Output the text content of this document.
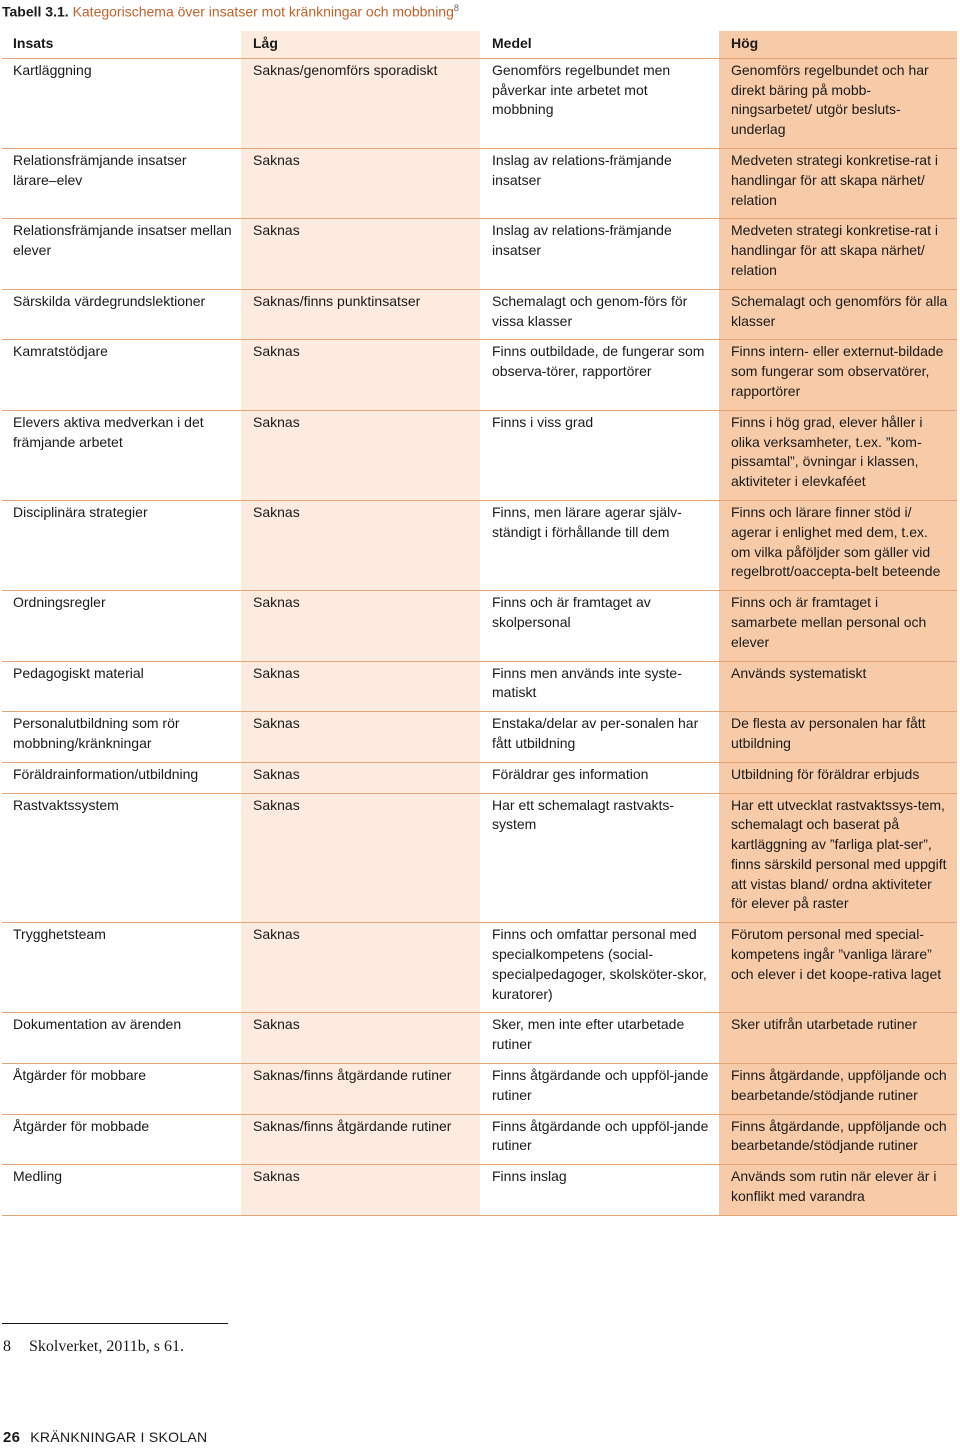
Tabell 3.1. Kategorischema över insatser mot kränkningar och mobbning$^8$
Insats	Låg	Medel	Hög
Kartläggning	Saknas/genomförs sporadiskt	Genomförs regelbundet men påverkar inte arbetet mot mobbning	Genomförs regelbundet och har direkt bäring på mobb-ningsarbetet/ utgör besluts-underlag
Relationsfrämjande insatser lärare–elev	Saknas	Inslag av relations-främjande insatser	Medveten strategi konkretise-rat i handlingar för att skapa närhet/ relation
Relationsfrämjande insatser mellan elever	Saknas	Inslag av relations-främjande insatser	Medveten strategi konkretise-rat i handlingar för att skapa närhet/ relation
Särskilda värdegrundslektioner	Saknas/finns punktinsatser	Schemalagt och genom-förs för vissa klasser	Schemalagt och genomförs för alla klasser
Kamratstödjare	Saknas	Finns outbildade, de fungerar som observa-törer, rapportörer	Finns intern- eller externut-bildade som fungerar som observatörer, rapportörer
Elevers aktiva medverkan i det främjande arbetet	Saknas	Finns i viss grad	Finns i hög grad, elever håller i olika verksamheter, t.ex. ”kom-pissamtal”, övningar i klassen, aktiviteter i elevkaféet
Disciplinära strategier	Saknas	Finns, men lärare agerar själv-ständigt i förhållande till dem	Finns och lärare finner stöd i/ agerar i enlighet med dem, t.ex. om vilka påföljder som gäller vid regelbrott/oaccepta-belt beteende
Ordningsregler	Saknas	Finns och är framtaget av skolpersonal	Finns och är framtaget i samarbete mellan personal och elever
Pedagogiskt material	Saknas	Finns men används inte syste-matiskt	Används systematiskt
Personalutbildning som rör mobbning/kränkningar	Saknas	Enstaka/delar av per-sonalen har fått utbildning	De flesta av personalen har fått utbildning
Föräldrainformation/utbildning	Saknas	Föräldrar ges information	Utbildning för föräldrar erbjuds
Rastvaktssystem	Saknas	Har ett schemalagt rastvakts-system	Har ett utvecklat rastvaktssys-tem, schemalagt och baserat på kartläggning av ”farliga plat-ser”, finns särskild personal med uppgift att vistas bland/ ordna aktiviteter för elever på raster
Trygghetsteam	Saknas	Finns och omfattar personal med specialkompetens (social-specialpedagoger, skolsköter-skor, kuratorer)	Förutom personal med special-kompetens ingår ”vanliga lärare” och elever i det koope-rativa laget
Dokumentation av ärenden	Saknas	Sker, men inte efter utarbetade rutiner	Sker utifrån utarbetade rutiner
Åtgärder för mobbare	Saknas/finns åtgärdande rutiner	Finns åtgärdande och uppföl-jande rutiner	Finns åtgärdande, uppföljande och bearbetande/stödjande rutiner
Åtgärder för mobbade	Saknas/finns åtgärdande rutiner	Finns åtgärdande och uppföl-jande rutiner	Finns åtgärdande, uppföljande och bearbetande/stödjande rutiner
Medling	Saknas	Finns inslag	Används som rutin när elever är i konflikt med varandra
8 Skolverket, 2011b, s 61.
26 KRÄNKNINGAR I SKOLAN
